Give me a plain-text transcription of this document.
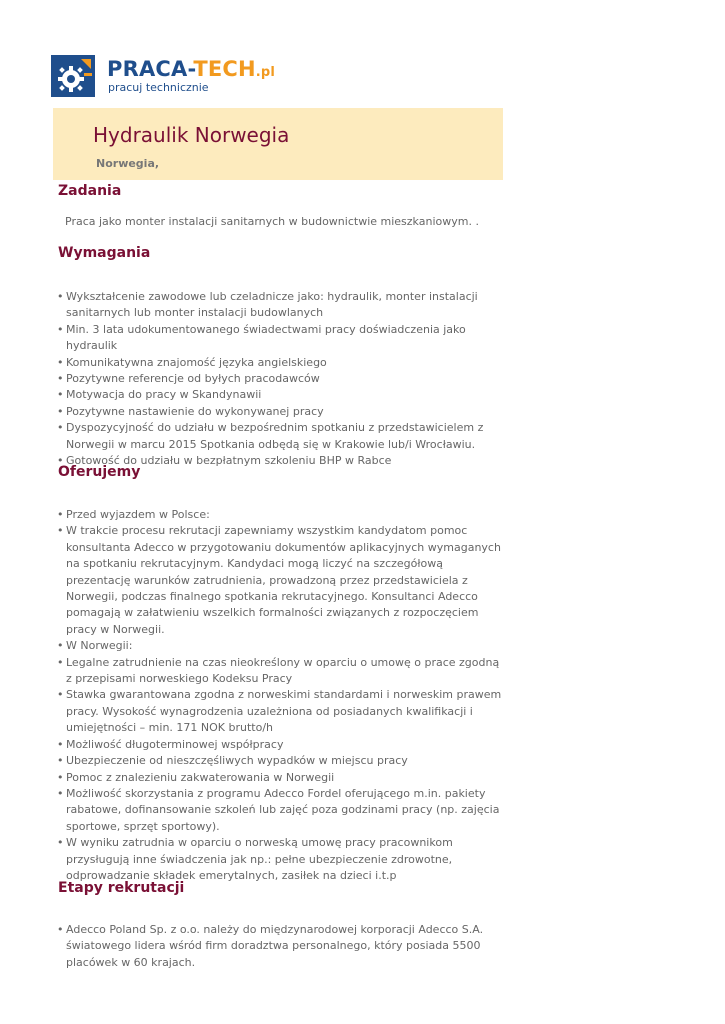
PRACA-TECH.pl
pracuj technicznie
Hydraulik Norwegia
Norwegia,
Zadania
Praca jako monter instalacji sanitarnych w budownictwie mieszkaniowym. .
Wymagania
• Wykształcenie zawodowe lub czeladnicze jako: hydraulik, monter instalacji sanitarnych lub monter instalacji budowlanych
• Min. 3 lata udokumentowanego świadectwami pracy doświadczenia jako hydraulik
• Komunikatywna znajomość języka angielskiego
• Pozytywne referencje od byłych pracodawców
• Motywacja do pracy w Skandynawii
• Pozytywne nastawienie do wykonywanej pracy
• Dyspozycyjność do udziału w bezpośrednim spotkaniu z przedstawicielem z Norwegii w marcu 2015 Spotkania odbędą się w Krakowie lub/i Wrocławiu.
• Gotowość do udziału w bezpłatnym szkoleniu BHP w Rabce
Oferujemy
• Przed wyjazdem w Polsce:
• W trakcie procesu rekrutacji zapewniamy wszystkim kandydatom pomoc konsultanta Adecco w przygotowaniu dokumentów aplikacyjnych wymaganych na spotkaniu rekrutacyjnym. Kandydaci mogą liczyć na szczegółową prezentację warunków zatrudnienia, prowadzoną przez przedstawiciela z Norwegii, podczas finalnego spotkania rekrutacyjnego. Konsultanci Adecco pomagają w załatwieniu wszelkich formalności związanych z rozpoczęciem pracy w Norwegii.
• W Norwegii:
• Legalne zatrudnienie na czas nieokreślony w oparciu o umowę o prace zgodną z przepisami norweskiego Kodeksu Pracy
• Stawka gwarantowana zgodna z norweskimi standardami i norweskim prawem pracy. Wysokość wynagrodzenia uzależniona od posiadanych kwalifikacji i umiejętności – min. 171 NOK brutto/h
• Możliwość długoterminowej współpracy
• Ubezpieczenie od nieszczęśliwych wypadków w miejscu pracy
• Pomoc z znalezieniu zakwaterowania w Norwegii
• Możliwość skorzystania z programu Adecco Fordel oferującego m.in. pakiety rabatowe, dofinansowanie szkoleń lub zajęć poza godzinami pracy (np. zajęcia sportowe, sprzęt sportowy).
• W wyniku zatrudnia w oparciu o norweską umowę pracy pracownikom przysługują inne świadczenia jak np.: pełne ubezpieczenie zdrowotne, odprowadzanie składek emerytalnych, zasiłek na dzieci i.t.p
Etapy rekrutacji
• Adecco Poland Sp. z o.o. należy do międzynarodowej korporacji Adecco S.A. światowego lidera wśród firm doradztwa personalnego, który posiada 5500 placówek w 60 krajach.
